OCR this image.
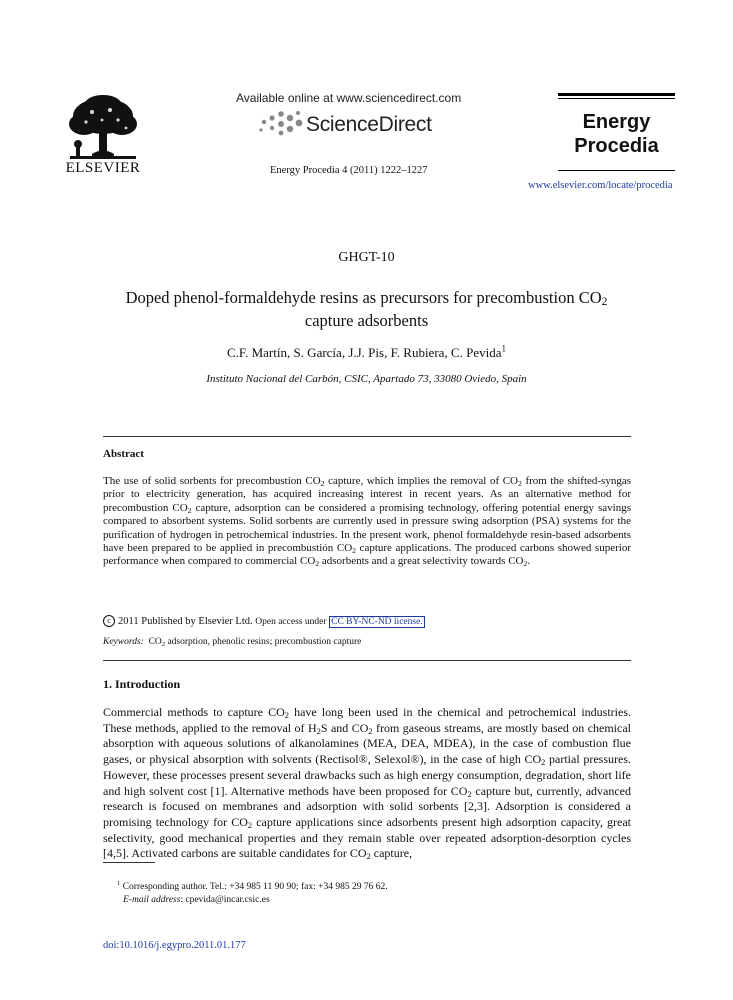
ELSEVIER
Available online at www.sciencedirect.com
ScienceDirect
Energy Procedia 4 (2011) 1222–1227
Energy
Procedia
www.elsevier.com/locate/procedia
GHGT-10
Doped phenol-formaldehyde resins as precursors for precombustion $CO_2$
capture adsorbents
C.F. Martín, S. García, J.J. Pis, F. Rubiera, C. Pevida$^1$
Instituto Nacional del Carbón, CSIC, Apartado 73, 33080 Oviedo, Spain
Abstract
The use of solid sorbents for precombustion $CO_2$ capture, which implies the removal of $CO_2$ from the shifted-syngas prior to electricity generation, has acquired increasing interest in recent years. As an alternative method for precombustion $CO_2$ capture, adsorption can be considered a promising technology, offering potential energy savings compared to absorbent systems. Solid sorbents are currently used in pressure swing adsorption (PSA) systems for the purification of hydrogen in petrochemical industries. In the present work, phenol formaldehyde resin-based adsorbents have been prepared to be applied in precombustión $CO_2$ capture applications. The produced carbons showed superior performance when compared to commercial $CO_2$ adsorbents and a great selectivity towards $CO_2$.
c 2011 Published by Elsevier Ltd. Open access under CC BY-NC-ND license.
Keywords: $CO_2$ adsorption, phenolic resins; precombustion capture
1. Introduction
Commercial methods to capture $CO_2$ have long been used in the chemical and petrochemical industries. These methods, applied to the removal of $H_2S$ and $CO_2$ from gaseous streams, are mostly based on chemical absorption with aqueous solutions of alkanolamines (MEA, DEA, MDEA), in the case of combustion flue gases, or physical absorption with solvents (Rectisol®, Selexol®), in the case of high $CO_2$ partial pressures. However, these processes present several drawbacks such as high energy consumption, degradation, short life and high solvent cost [1]. Alternative methods have been proposed for $CO_2$ capture but, currently, advanced research is focused on membranes and adsorption with solid sorbents [2,3]. Adsorption is considered a promising technology for $CO_2$ capture applications since adsorbents present high adsorption capacity, great selectivity, good mechanical properties and they remain stable over repeated adsorption-desorption cycles [4,5]. Activated carbons are suitable candidates for $CO_2$ capture,
$^1$ Corresponding author. Tel.: +34 985 11 90 90; fax: +34 985 29 76 62.
E-mail address: cpevida@incar.csic.es
doi:10.1016/j.egypro.2011.01.177
